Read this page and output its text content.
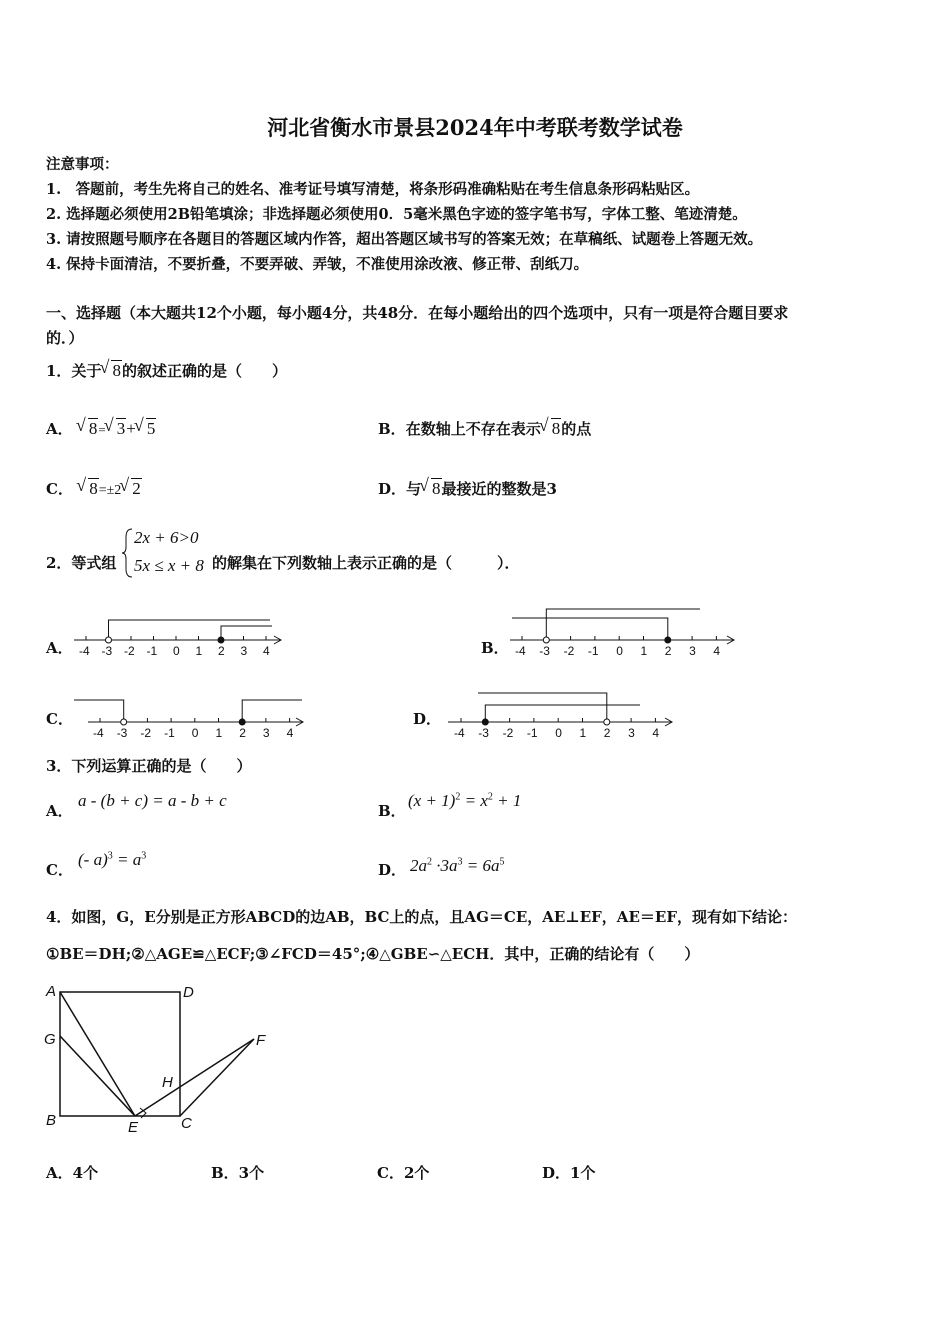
河北省衡水市景县2024年中考联考数学试卷
注意事项：
1.　答题前，考生先将自己的姓名、准考证号填写清楚，将条形码准确粘贴在考生信息条形码粘贴区。
2. 选择题必须使用2B铅笔填涂；非选择题必须使用0．5毫米黑色字迹的签字笔书写，字体工整、笔迹清楚。
3. 请按照题号顺序在各题目的答题区域内作答，超出答题区域书写的答案无效；在草稿纸、试题卷上答题无效。
4. 保持卡面清洁，不要折叠，不要弄破、弄皱，不准使用涂改液、修正带、刮纸刀。
一、选择题（本大题共12个小题，每小题4分，共48分．在每小题给出的四个选项中，只有一项是符合题目要求
的．）
1．关于 √ 8的叙述正确的是（　　）
A． √ 8= √ 3+ √ 5	B．在数轴上不存在表示 √ 8的点
C． √ 8=±2 √ 2	D．与 √ 8最接近的整数是3
2．等式组
2x + 6>0
5x ≤ x + 8 的解集在下列数轴上表示正确的是（　　　）．
A．	B．
C．	D．
-4 -3 -2 -1 0 1 2 3 4	-4 -3 -2 -1 0 1 2 3 4
-4 -3 -2 -1 0 1 2 3 4	-4 -3 -2 -1 0 1 2 3 4
3．下列运算正确的是（　　）
A．
a - (b + c) = a - b + c
B．
$(x + 1)^2 = x^2 + 1$
C．
(- $a)^3 = a^3$
D． $2a^2 \cdot 3a^3 = 6a^5$
4．如图，G，E分别是正方形ABCD的边AB，BC上的点，且AG＝CE，AE⊥EF，AE＝EF，现有如下结论：
①BE＝DH;②△AGE≌△ECF;③∠FCD＝45°;④△GBE∽△ECH．其中，正确的结论有（　　）
A	D
G	F
H
B	E	C
A．4个	B．3个	C．2个	D．1个
